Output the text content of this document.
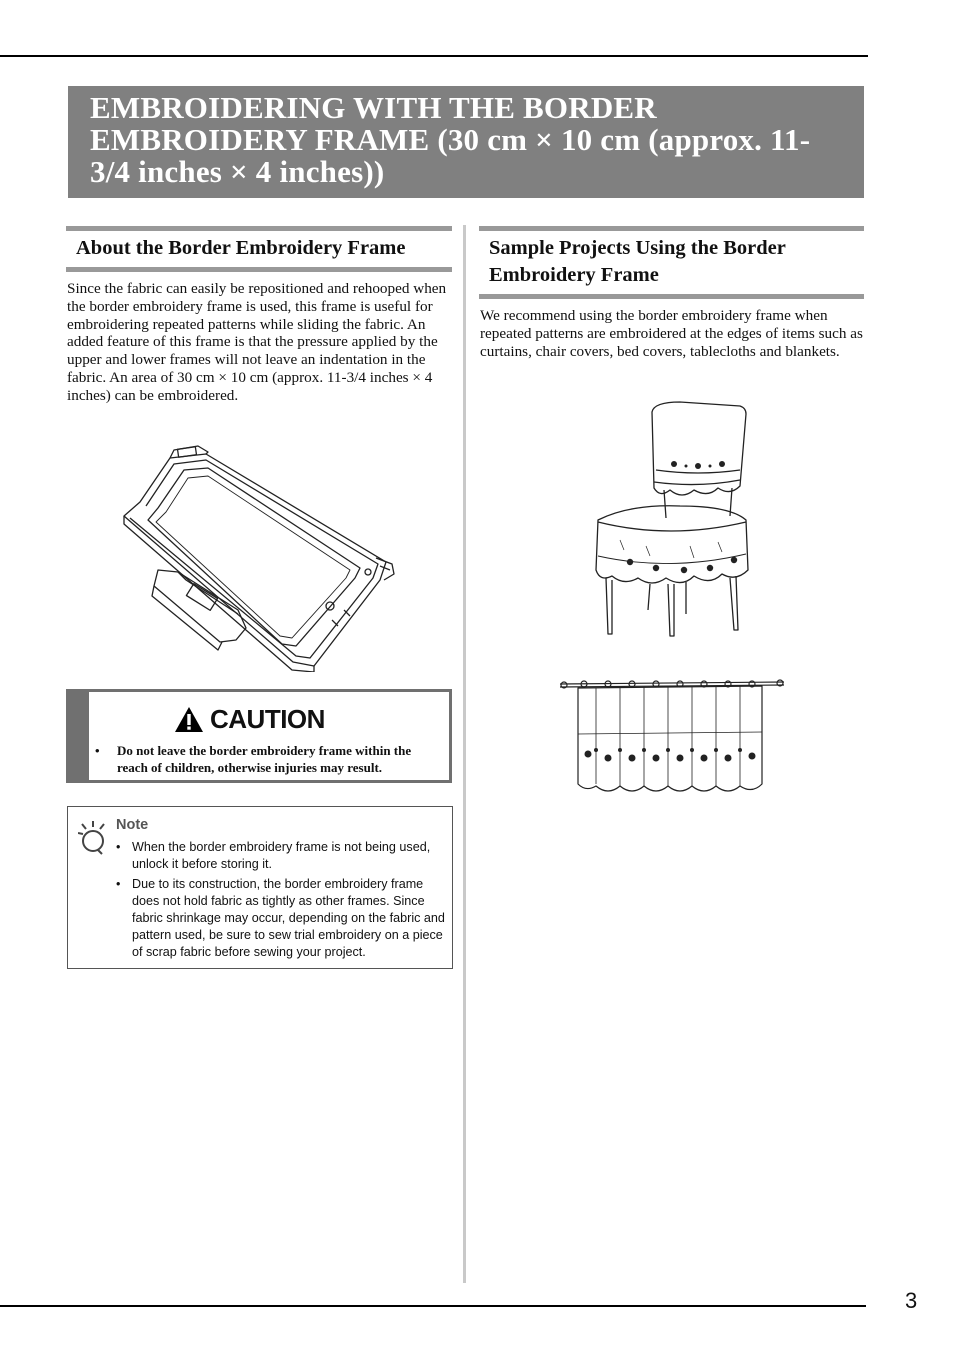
EMBROIDERING WITH THE BORDER EMBROIDERY FRAME (30 cm × 10 cm (approx. 11-3/4 inches × 4 inches))
About the Border Embroidery Frame

Since the fabric can easily be repositioned and rehooped when the border embroidery frame is used, this frame is useful for embroidering repeated patterns while sliding the fabric. An added feature of this frame is that the pressure applied by the upper and lower frames will not leave an indentation in the fabric. An area of 30 cm × 10 cm (approx. 11-3/4 inches × 4 inches) can be embroidered.

CAUTION
•	Do not leave the border embroidery frame within the reach of children, otherwise injuries may result.
Note
• When the border embroidery frame is not being used, unlock it before storing it.
• Due to its construction, the border embroidery frame does not hold fabric as tightly as other frames. Since fabric shrinkage may occur, depending on the fabric and pattern used, be sure to sew trial embroidery on a piece of scrap fabric before sewing your project.
Sample Projects Using the Border Embroidery Frame

We recommend using the border embroidery frame when repeated patterns are embroidered at the edges of items such as curtains, chair covers, bed covers, tablecloths and blankets.

3
